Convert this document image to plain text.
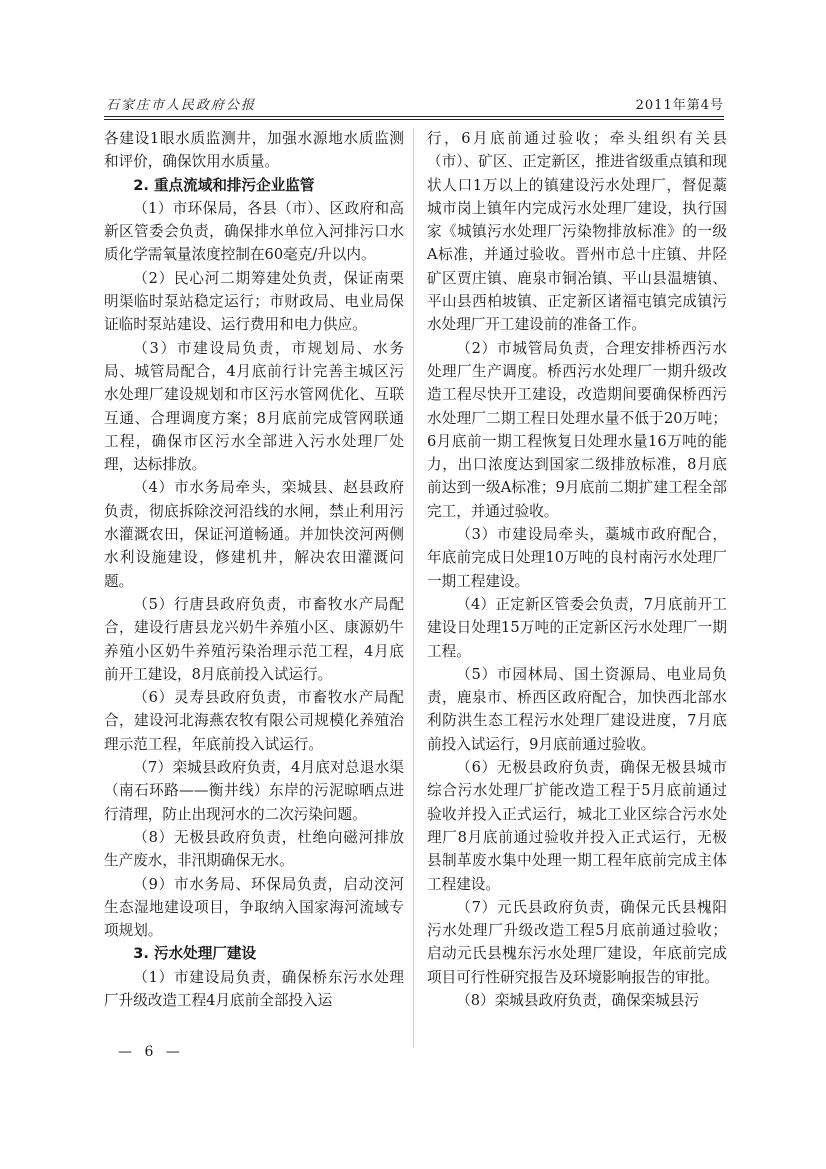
石家庄市人民政府公报	2011年第4号

各建设1眼水质监测井，加强水源地水质监测和评价，确保饮用水质量。

2. 重点流域和排污企业监管

（1）市环保局，各县（市）、区政府和高新区管委会负责，确保排水单位入河排污口水质化学需氧量浓度控制在60毫克/升以内。

（2）民心河二期筹建处负责，保证南栗明渠临时泵站稳定运行；市财政局、电业局保证临时泵站建设、运行费用和电力供应。

（3）市建设局负责，市规划局、水务局、城管局配合，4月底前行计完善主城区污水处理厂建设规划和市区污水管网优化、互联互通、合理调度方案；8月底前完成管网联通工程，确保市区污水全部进入污水处理厂处理，达标排放。

（4）市水务局牵头，栾城县、赵县政府负责，彻底拆除洨河沿线的水闸，禁止利用污水灌溉农田，保证河道畅通。并加快洨河两侧水利设施建设，修建机井，解决农田灌溉问题。

（5）行唐县政府负责，市畜牧水产局配合，建设行唐县龙兴奶牛养殖小区、康源奶牛养殖小区奶牛养殖污染治理示范工程，4月底前开工建设，8月底前投入试运行。

（6）灵寿县政府负责，市畜牧水产局配合，建设河北海燕农牧有限公司规模化养殖治理示范工程，年底前投入试运行。

（7）栾城县政府负责，4月底对总退水渠（南石环路——衡井线）东岸的污泥晾晒点进行清理，防止出现河水的二次污染问题。

（8）无极县政府负责，杜绝向磁河排放生产废水，非汛期确保无水。

（9）市水务局、环保局负责，启动洨河生态湿地建设项目，争取纳入国家海河流域专项规划。

3. 污水处理厂建设

（1）市建设局负责，确保桥东污水处理厂升级改造工程4月底前全部投入运

行，6月底前通过验收；牵头组织有关县（市）、矿区、正定新区，推进省级重点镇和现状人口1万以上的镇建设污水处理厂，督促藁城市岗上镇年内完成污水处理厂建设，执行国家《城镇污水处理厂污染物排放标准》的一级A标准，并通过验收。晋州市总十庄镇、井陉矿区贾庄镇、鹿泉市铜冶镇、平山县温塘镇、平山县西柏坡镇、正定新区诸福屯镇完成镇污水处理厂开工建设前的准备工作。

（2）市城管局负责，合理安排桥西污水处理厂生产调度。桥西污水处理厂一期升级改造工程尽快开工建设，改造期间要确保桥西污水处理厂二期工程日处理水量不低于20万吨；6月底前一期工程恢复日处理水量16万吨的能力，出口浓度达到国家二级排放标准，8月底前达到一级A标准；9月底前二期扩建工程全部完工，并通过验收。

（3）市建设局牵头，藁城市政府配合，年底前完成日处理10万吨的良村南污水处理厂一期工程建设。

（4）正定新区管委会负责，7月底前开工建设日处理15万吨的正定新区污水处理厂一期工程。

（5）市园林局、国土资源局、电业局负责，鹿泉市、桥西区政府配合，加快西北部水利防洪生态工程污水处理厂建设进度，7月底前投入试运行，9月底前通过验收。

（6）无极县政府负责，确保无极县城市综合污水处理厂扩能改造工程于5月底前通过验收并投入正式运行，城北工业区综合污水处理厂8月底前通过验收并投入正式运行，无极县制革废水集中处理一期工程年底前完成主体工程建设。

（7）元氏县政府负责，确保元氏县槐阳污水处理厂升级改造工程5月底前通过验收；启动元氏县槐东污水处理厂建设，年底前完成项目可行性研究报告及环境影响报告的审批。

（8）栾城县政府负责，确保栾城县污

— 6 —
